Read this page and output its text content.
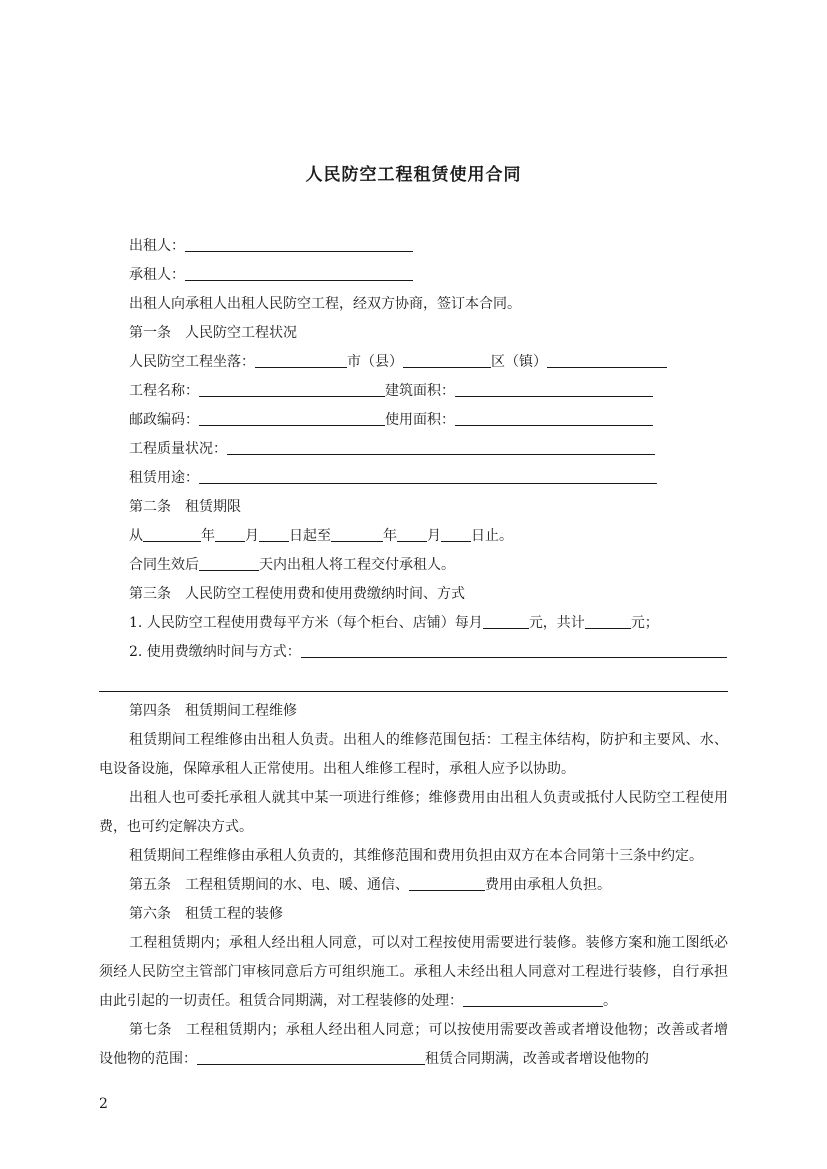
人民防空工程租赁使用合同
出租人：
承租人：
出租人向承租人出租人民防空工程，经双方协商，签订本合同。
第一条 人民防空工程状况
人民防空工程坐落：	市（县）	区（镇）
工程名称：	建筑面积：
邮政编码：	使用面积：
工程质量状况：
租赁用途：
第二条 租赁期限
从	年 月 日起至	年 月 日止。
合同生效后	天内出租人将工程交付承租人。
第三条 人民防空工程使用费和使用费缴纳时间、方式
1. 人民防空工程使用费每平方米（每个柜台、店铺）每月	元，共计	元；
2. 使用费缴纳时间与方式：
第四条 租赁期间工程维修
租赁期间工程维修由出租人负责。出租人的维修范围包括：工程主体结构，防护和主要风、水、电设备设施，保障承租人正常使用。出租人维修工程时，承租人应予以协助。
出租人也可委托承租人就其中某一项进行维修；维修费用由出租人负责或抵付人民防空工程使用费，也可约定解决方式。
租赁期间工程维修由承租人负责的，其维修范围和费用负担由双方在本合同第十三条中约定。
第五条 工程租赁期间的水、电、暖、通信、	费用由承租人负担。
第六条 租赁工程的装修
工程租赁期内；承租人经出租人同意，可以对工程按使用需要进行装修。装修方案和施工图纸必须经人民防空主管部门审核同意后方可组织施工。承租人未经出租人同意对工程进行装修，自行承担由此引起的一切责任。租赁合同期满，对工程装修的处理：	。
第七条 工程租赁期内；承租人经出租人同意；可以按使用需要改善或者增设他物；改善或者增设他物的范围：	租赁合同期满，改善或者增设他物的
2
